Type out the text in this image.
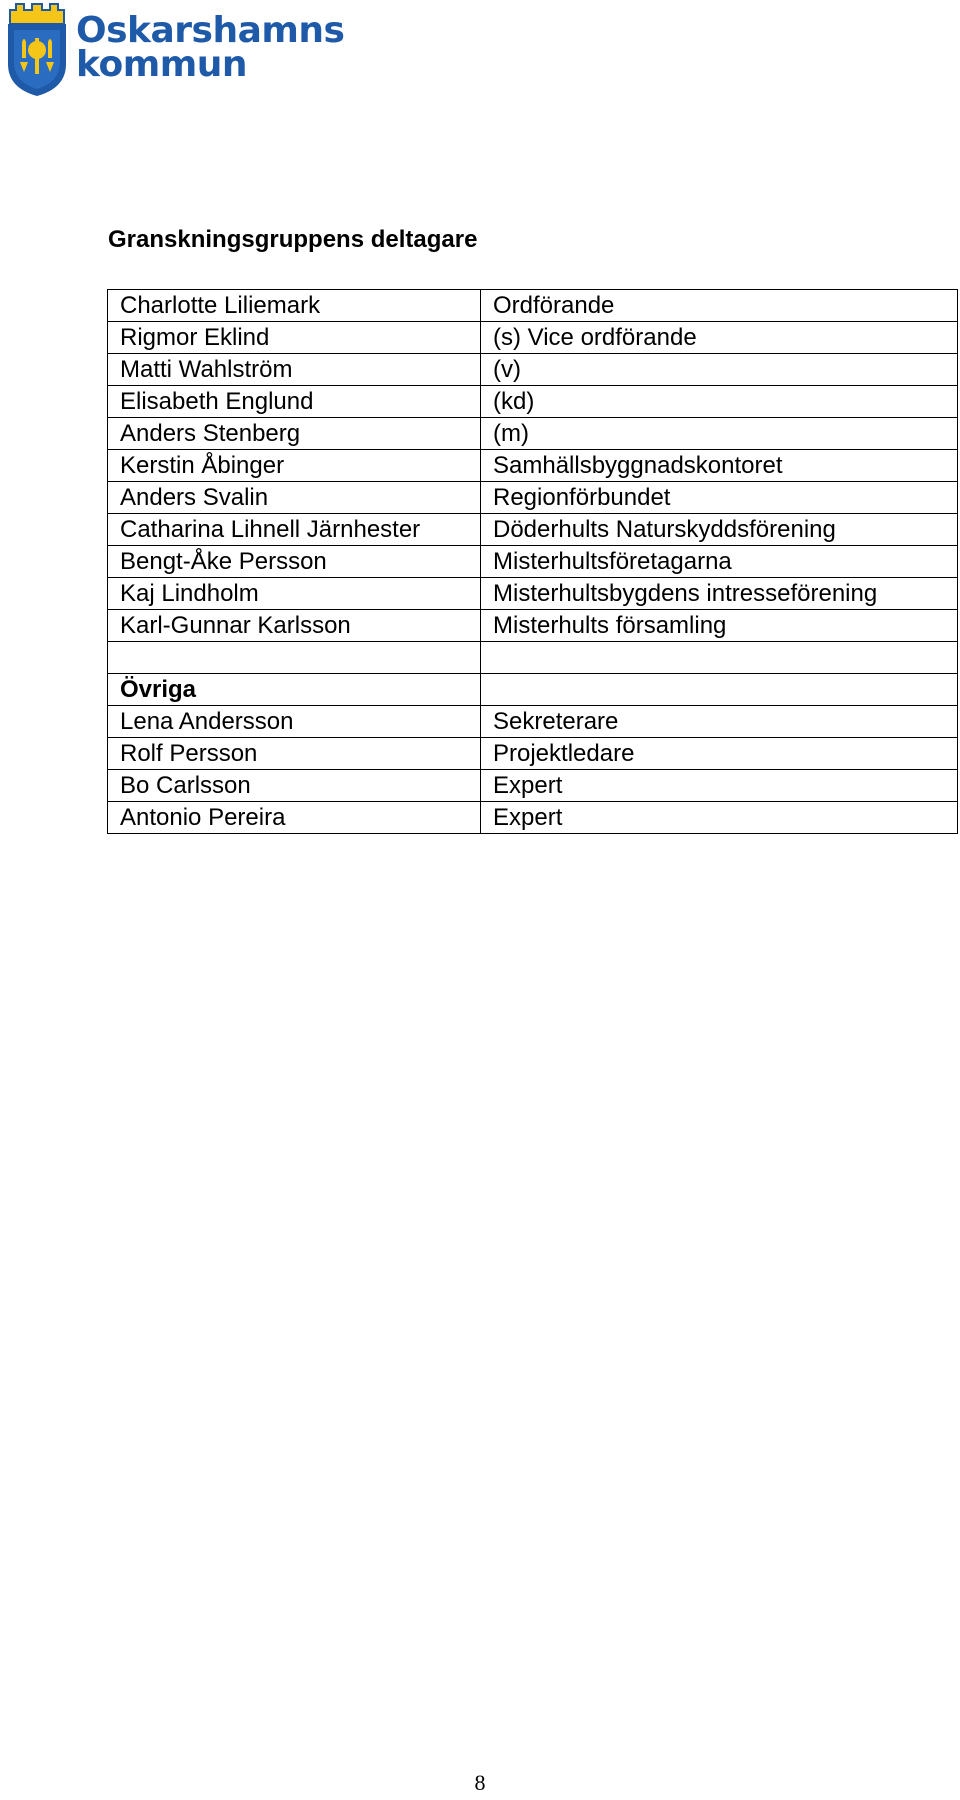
Oskarshamns
kommun
Granskningsgruppens deltagare
Charlotte Liliemark	Ordförande
Rigmor Eklind	(s) Vice ordförande
Matti Wahlström	(v)
Elisabeth Englund	(kd)
Anders Stenberg	(m)
Kerstin Åbinger	Samhällsbyggnadskontoret
Anders Svalin	Regionförbundet
Catharina Lihnell Järnhester	Döderhults Naturskyddsförening
Bengt-Åke Persson	Misterhultsföretagarna
Kaj Lindholm	Misterhultsbygdens intresseförening
Karl-Gunnar Karlsson	Misterhults församling

Övriga	
Lena Andersson	Sekreterare
Rolf Persson	Projektledare
Bo Carlsson	Expert
Antonio Pereira	Expert
8
